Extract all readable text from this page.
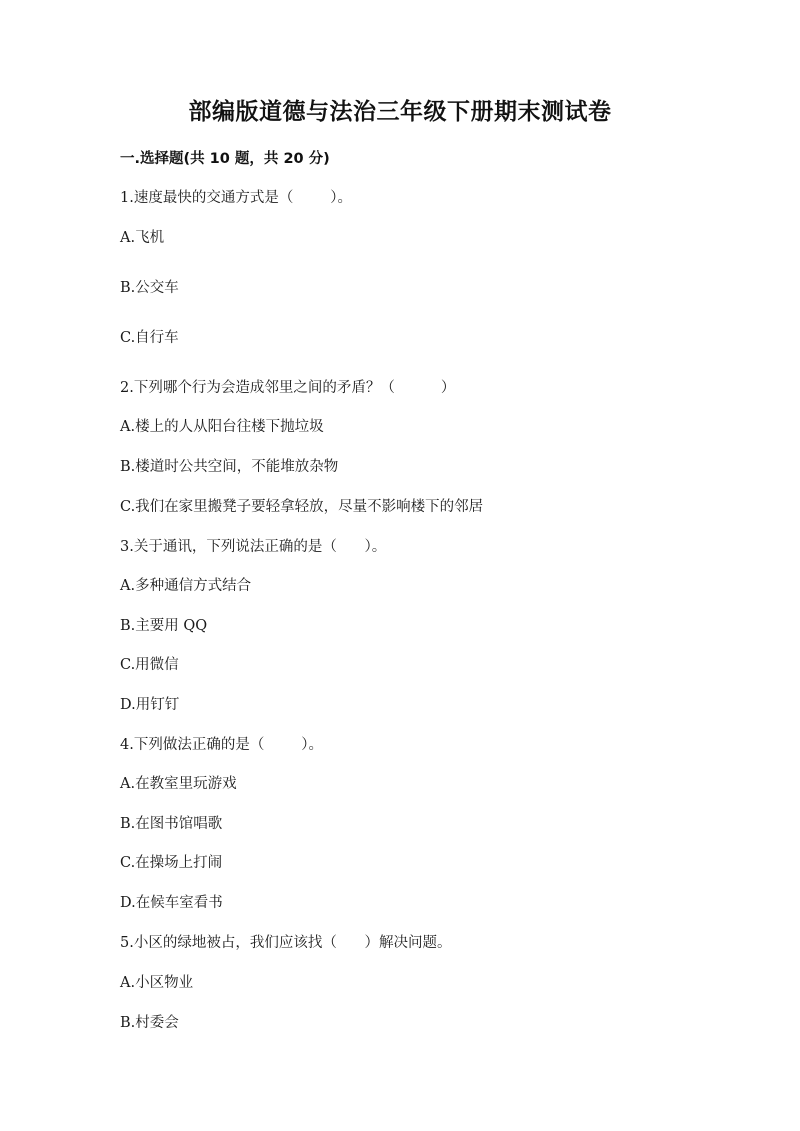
部编版道德与法治三年级下册期末测试卷
一.选择题(共 10 题，共 20 分)
1.速度最快的交通方式是（        ）。
A.飞机
B.公交车
C.自行车
2.下列哪个行为会造成邻里之间的矛盾？（          ）
A.楼上的人从阳台往楼下抛垃圾
B.楼道时公共空间，不能堆放杂物
C.我们在家里搬凳子要轻拿轻放，尽量不影响楼下的邻居
3.关于通讯，下列说法正确的是（      ）。
A.多种通信方式结合
B.主要用 QQ
C.用微信
D.用钉钉
4.下列做法正确的是（        ）。
A.在教室里玩游戏
B.在图书馆唱歌
C.在操场上打闹
D.在候车室看书
5.小区的绿地被占，我们应该找（      ）解决问题。
A.小区物业
B.村委会
